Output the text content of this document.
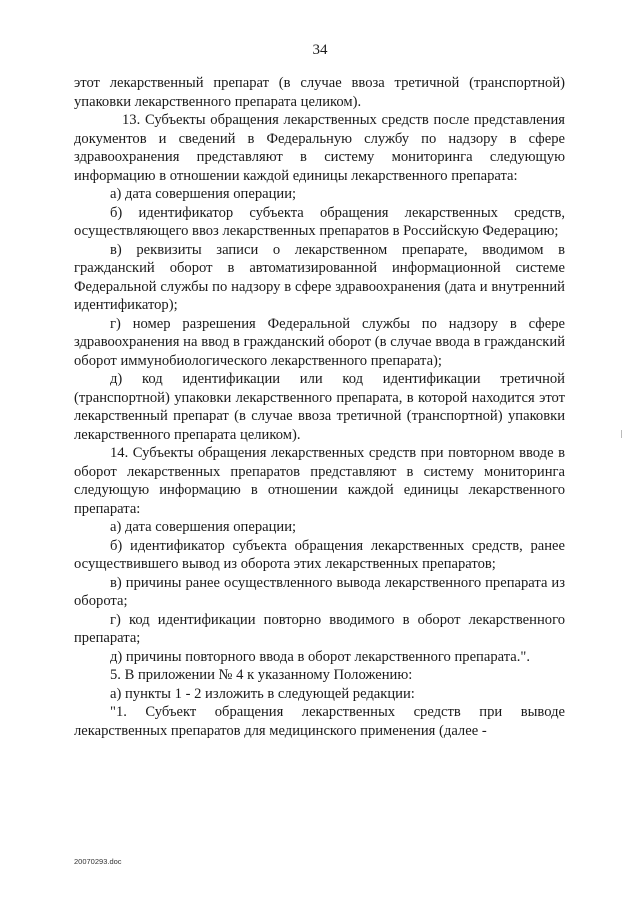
34

этот лекарственный препарат (в случае ввоза третичной (транспортной) упаковки лекарственного препарата целиком).

13. Субъекты обращения лекарственных средств после представления документов и сведений в Федеральную службу по надзору в сфере здравоохранения представляют в систему мониторинга следующую информацию в отношении каждой единицы лекарственного препарата:

а) дата совершения операции;

б) идентификатор субъекта обращения лекарственных средств, осуществляющего ввоз лекарственных препаратов в Российскую Федерацию;

в) реквизиты записи о лекарственном препарате, вводимом в гражданский оборот в автоматизированной информационной системе Федеральной службы по надзору в сфере здравоохранения (дата и внутренний идентификатор);

г) номер разрешения Федеральной службы по надзору в сфере здравоохранения на ввод в гражданский оборот (в случае ввода в гражданский оборот иммунобиологического лекарственного препарата);

д) код идентификации или код идентификации третичной (транспортной) упаковки лекарственного препарата, в которой находится этот лекарственный препарат (в случае ввоза третичной (транспортной) упаковки лекарственного препарата целиком).

14. Субъекты обращения лекарственных средств при повторном вводе в оборот лекарственных препаратов представляют в систему мониторинга следующую информацию в отношении каждой единицы лекарственного препарата:

а) дата совершения операции;

б) идентификатор субъекта обращения лекарственных средств, ранее осуществившего вывод из оборота этих лекарственных препаратов;

в) причины ранее осуществленного вывода лекарственного препарата из оборота;

г) код идентификации повторно вводимого в оборот лекарственного препарата;

д) причины повторного ввода в оборот лекарственного препарата.".

5. В приложении № 4 к указанному Положению:

а) пункты 1 - 2 изложить в следующей редакции:

"1. Субъект обращения лекарственных средств при выводе лекарственных препаратов для медицинского применения (далее -

20070293.doc
